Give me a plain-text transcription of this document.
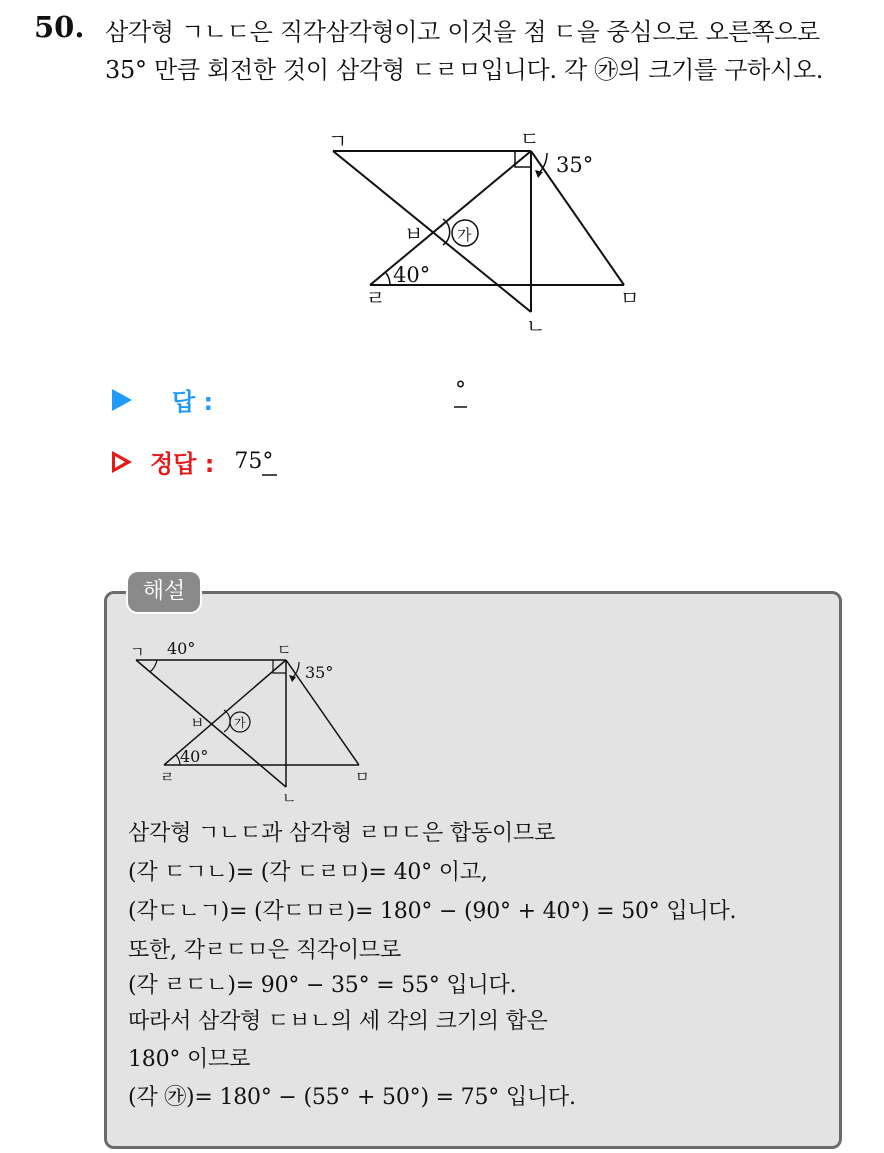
50. 삼각형 ㄱㄴㄷ은 직각삼각형이고 이것을 점 ㄷ을 중심으로 오른쪽으로
35° 만큼 회전한 것이 삼각형 ㄷㄹㅁ입니다. 각 ㉮의 크기를 구하시오.
ㄱ	ㄷ
ㅂ
ㄹ	ㅁ
ㄴ
가
35°
40°
답 :	°
정답 : 75°
해설
ㄱ	ㄷ
ㅂ
ㄹ	ㅁ
ㄴ
가
40°
35°
40°
삼각형 ㄱㄴㄷ과 삼각형 ㄹㅁㄷ은 합동이므로
(각 ㄷㄱㄴ)= (각 ㄷㄹㅁ)= 40° 이고,
(각ㄷㄴㄱ)= (각ㄷㅁㄹ)= 180° − (90° + 40°) = 50° 입니다.
또한, 각ㄹㄷㅁ은 직각이므로
(각 ㄹㄷㄴ)= 90° − 35° = 55° 입니다.
따라서 삼각형 ㄷㅂㄴ의 세 각의 크기의 합은
180° 이므로
(각 ㉮)= 180° − (55° + 50°) = 75° 입니다.
